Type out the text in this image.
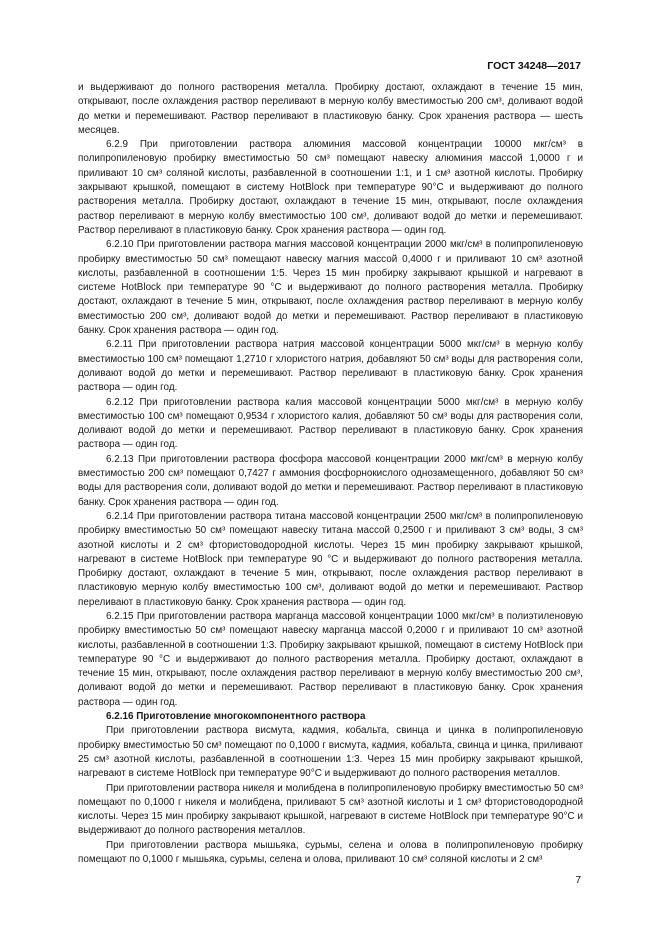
ГОСТ 34248—2017

и выдерживают до полного растворения металла. Пробирку достают, охлаждают в течение 15 мин, открывают, после охлаждения раствор переливают в мерную колбу вместимостью 200 см³, доливают водой до метки и перемешивают. Раствор переливают в пластиковую банку. Срок хранения раствора — шесть месяцев.

6.2.9 При приготовлении раствора алюминия массовой концентрации 10000 мкг/см³ в полипропиленовую пробирку вместимостью 50 см³ помещают навеску алюминия массой 1,0000 г и приливают 10 см³ соляной кислоты, разбавленной в соотношении 1:1, и 1 см³ азотной кислоты. Пробирку закрывают крышкой, помещают в систему HotBlock при температуре 90°С и выдерживают до полного растворения металла. Пробирку достают, охлаждают в течение 15 мин, открывают, после охлаждения раствор переливают в мерную колбу вместимостью 100 см³, доливают водой до метки и перемешивают. Раствор переливают в пластиковую банку. Срок хранения раствора — один год.

6.2.10 При приготовлении раствора магния массовой концентрации 2000 мкг/см³ в полипропиленовую пробирку вместимостью 50 см³ помещают навеску магния массой 0,4000 г и приливают 10 см³ азотной кислоты, разбавленной в соотношении 1:5. Через 15 мин пробирку закрывают крышкой и нагревают в системе HotBlock при температуре 90 °С и выдерживают до полного растворения металла. Пробирку достают, охлаждают в течение 5 мин, открывают, после охлаждения раствор переливают в мерную колбу вместимостью 200 см³, доливают водой до метки и перемешивают. Раствор переливают в пластиковую банку. Срок хранения раствора — один год.

6.2.11 При приготовлении раствора натрия массовой концентрации 5000 мкг/см³ в мерную колбу вместимостью 100 см³ помещают 1,2710 г хлористого натрия, добавляют 50 см³ воды для растворения соли, доливают водой до метки и перемешивают. Раствор переливают в пластиковую банку. Срок хранения раствора — один год.

6.2.12 При приготовлении раствора калия массовой концентрации 5000 мкг/см³ в мерную колбу вместимостью 100 см³ помещают 0,9534 г хлористого калия, добавляют 50 см³ воды для растворения соли, доливают водой до метки и перемешивают. Раствор переливают в пластиковую банку. Срок хранения раствора — один год.

6.2.13 При приготовлении раствора фосфора массовой концентрации 2000 мкг/см³ в мерную колбу вместимостью 200 см³ помещают 0,7427 г аммония фосфорнокислого однозамещенного, добавляют 50 см³ воды для растворения соли, доливают водой до метки и перемешивают. Раствор переливают в пластиковую банку. Срок хранения раствора — один год.

6.2.14 При приготовлении раствора титана массовой концентрации 2500 мкг/см³ в полипропиленовую пробирку вместимостью 50 см³ помещают навеску титана массой 0,2500 г и приливают 3 см³ воды, 3 см³ азотной кислоты и 2 см³ фтористоводородной кислоты. Через 15 мин пробирку закрывают крышкой, нагревают в системе HotBlock при температуре 90 °С и выдерживают до полного растворения металла. Пробирку достают, охлаждают в течение 5 мин, открывают, после охлаждения раствор переливают в пластиковую мерную колбу вместимостью 100 см³, доливают водой до метки и перемешивают. Раствор переливают в пластиковую банку. Срок хранения раствора — один год.

6.2.15 При приготовлении раствора марганца массовой концентрации 1000 мкг/см³ в полиэтиленовую пробирку вместимостью 50 см³ помещают навеску марганца массой 0,2000 г и приливают 10 см³ азотной кислоты, разбавленной в соотношении 1:3. Пробирку закрывают крышкой, помещают в систему HotBlock при температуре 90 °С и выдерживают до полного растворения металла. Пробирку достают, охлаждают в течение 15 мин, открывают, после охлаждения раствор переливают в мерную колбу вместимостью 200 см³, доливают водой до метки и перемешивают. Раствор переливают в пластиковую банку. Срок хранения раствора — один год.

6.2.16 Приготовление многокомпонентного раствора

При приготовлении раствора висмута, кадмия, кобальта, свинца и цинка в полипропиленовую пробирку вместимостью 50 см³ помещают по 0,1000 г висмута, кадмия, кобальта, свинца и цинка, приливают 25 см³ азотной кислоты, разбавленной в соотношении 1:3. Через 15 мин пробирку закрывают крышкой, нагревают в системе HotBlock при температуре 90°С и выдерживают до полного растворения металлов.

При приготовлении раствора никеля и молибдена в полипропиленовую пробирку вместимостью 50 см³ помещают по 0,1000 г никеля и молибдена, приливают 5 см³ азотной кислоты и 1 см³ фтористоводородной кислоты. Через 15 мин пробирку закрывают крышкой, нагревают в системе HotBlock при температуре 90°С и выдерживают до полного растворения металлов.

При приготовлении раствора мышьяка, сурьмы, селена и олова в полипропиленовую пробирку помещают по 0,1000 г мышьяка, сурьмы, селена и олова, приливают 10 см³ соляной кислоты и 2 см³

7
